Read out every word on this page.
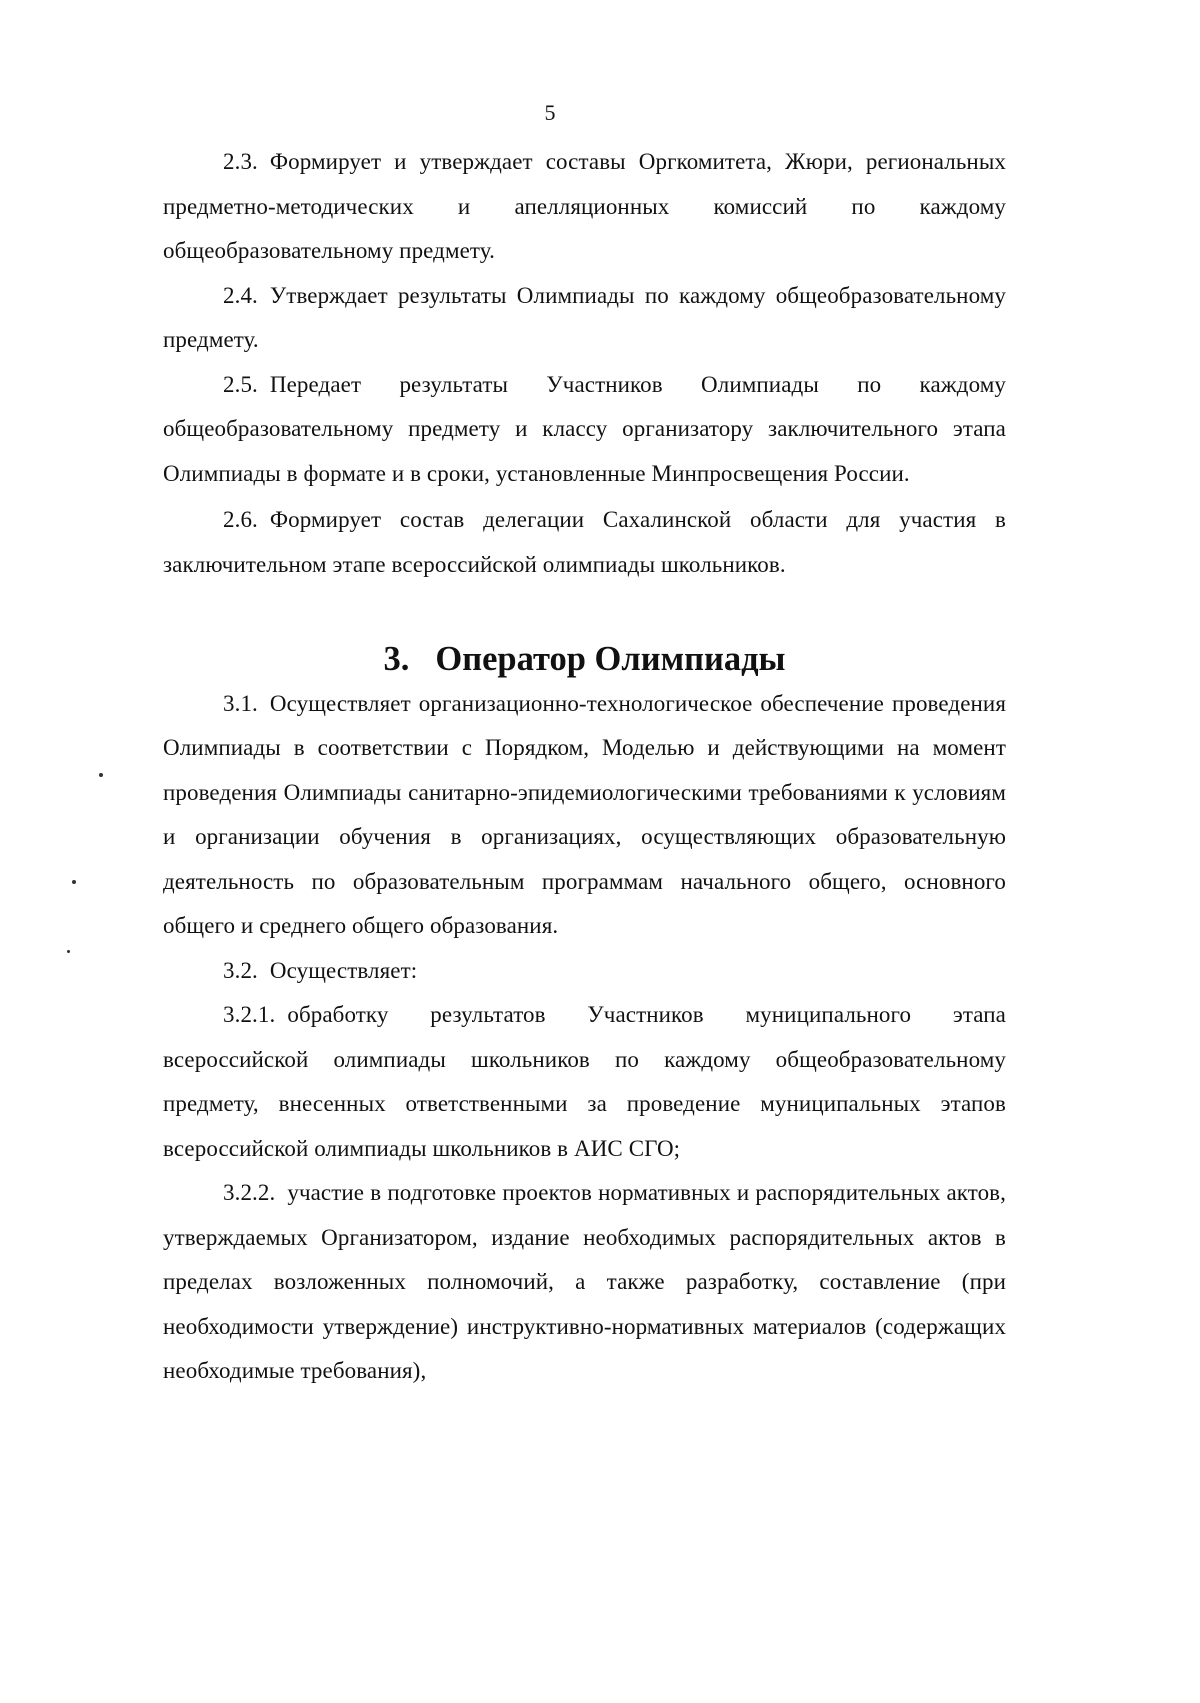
5

2.3. Формирует и утверждает составы Оргкомитета, Жюри, региональных предметно-методических и апелляционных комиссий по каждому общеобразовательному предмету.

2.4. Утверждает результаты Олимпиады по каждому общеобразовательному предмету.

2.5. Передает результаты Участников Олимпиады по каждому общеобразовательному предмету и классу организатору заключительного этапа Олимпиады в формате и в сроки, установленные Минпросвещения России.

2.6. Формирует состав делегации Сахалинской области для участия в заключительном этапе всероссийской олимпиады школьников.

3. Оператор Олимпиады

3.1. Осуществляет организационно-технологическое обеспечение проведения Олимпиады в соответствии с Порядком, Моделью и действующими на момент проведения Олимпиады санитарно-эпидемиологическими требованиями к условиям и организации обучения в организациях, осуществляющих образовательную деятельность по образовательным программам начального общего, основного общего и среднего общего образования.

3.2. Осуществляет:

3.2.1. обработку результатов Участников муниципального этапа всероссийской олимпиады школьников по каждому общеобразовательному предмету, внесенных ответственными за проведение муниципальных этапов всероссийской олимпиады школьников в АИС СГО;

3.2.2. участие в подготовке проектов нормативных и распорядительных актов, утверждаемых Организатором, издание необходимых распорядительных актов в пределах возложенных полномочий, а также разработку, составление (при необходимости утверждение) инструктивно-нормативных материалов (содержащих необходимые требования),
